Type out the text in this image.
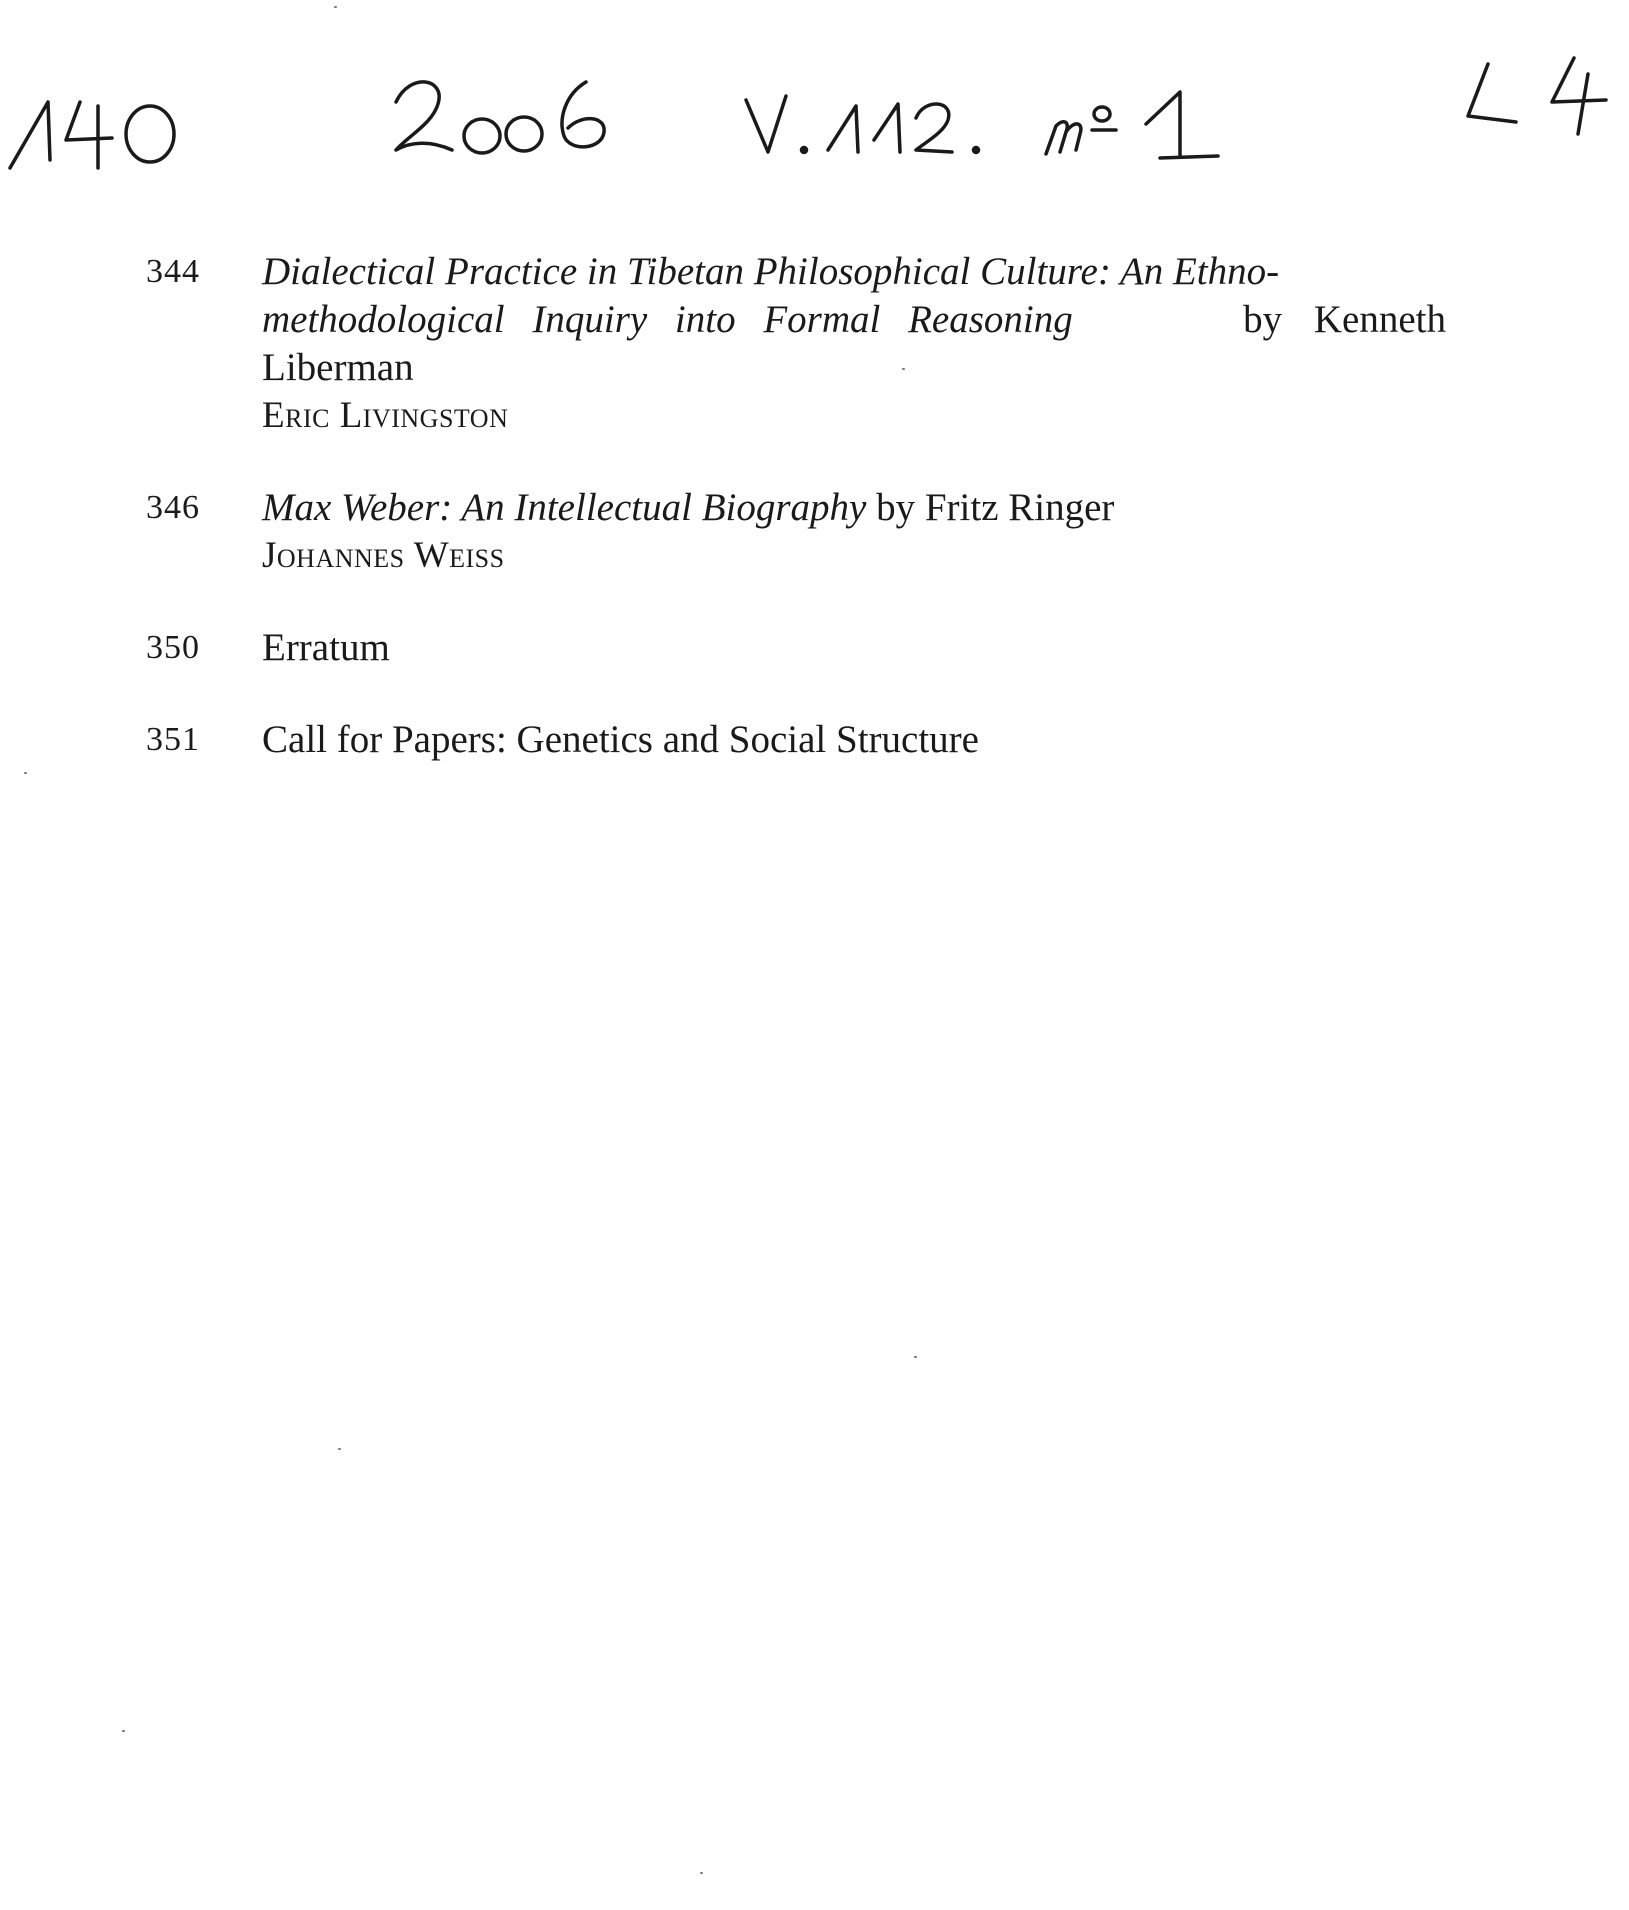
344	Dialectical Practice in Tibetan Philosophical Culture: An Ethno-
methodological Inquiry into Formal Reasoning	by Kenneth
Liberman
Eric Livingston
346	Max Weber: An Intellectual Biography by Fritz Ringer
Johannes Weiss
350	Erratum
351	Call for Papers: Genetics and Social Structure
